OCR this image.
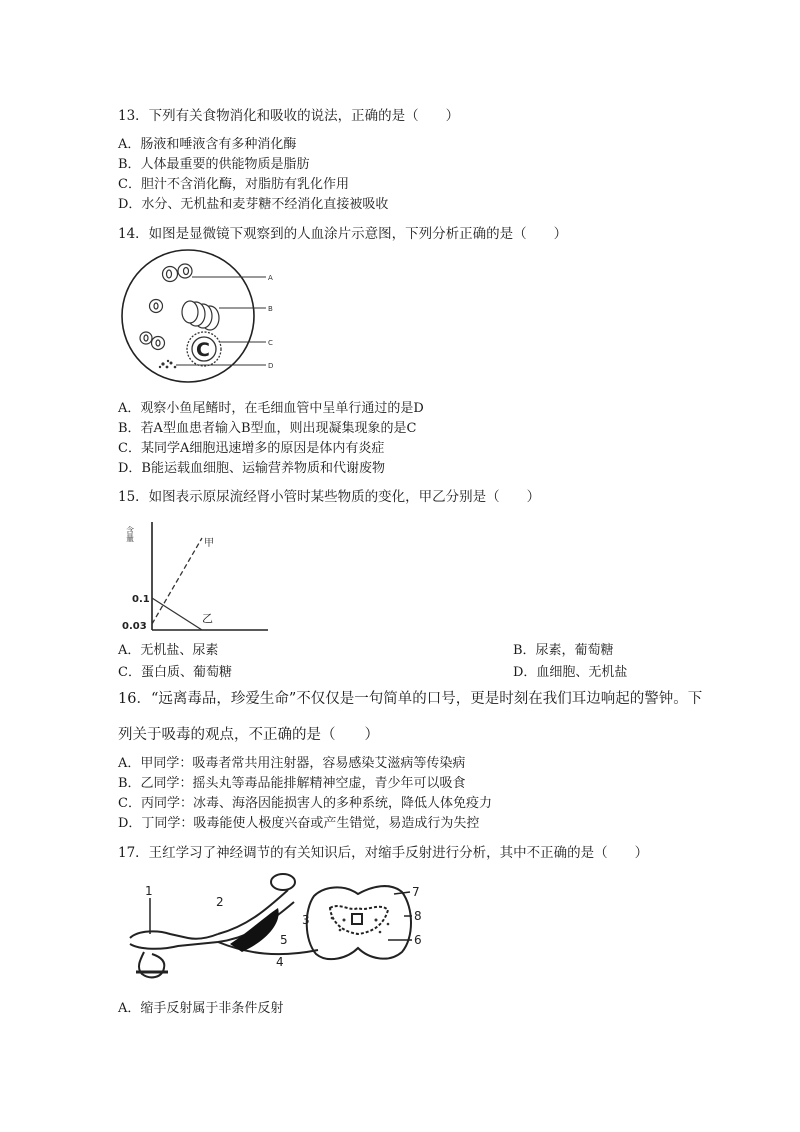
13．下列有关食物消化和吸收的说法，正确的是（　　）
A．肠液和唾液含有多种消化酶
B．人体最重要的供能物质是脂肪
C．胆汁不含消化酶，对脂肪有乳化作用
D．水分、无机盐和麦芽糖不经消化直接被吸收
14．如图是显微镜下观察到的人血涂片示意图，下列分析正确的是（　　）
C
A
B
C
D
A．观察小鱼尾鳍时，在毛细血管中呈单行通过的是D
B．若A型血患者输入B型血，则出现凝集现象的是C
C．某同学A细胞迅速增多的原因是体内有炎症
D．B能运载血细胞、运输营养物质和代谢废物
15．如图表示原尿流经肾小管时某些物质的变化，甲乙分别是（　　）
含量
0.1
0.03
甲
乙
A．无机盐、尿素	B．尿素，葡萄糖
C．蛋白质、葡萄糖	D．血细胞、无机盐
16．“远离毒品，珍爱生命”不仅仅是一句简单的口号，更是时刻在我们耳边响起的警钟。下
列关于吸毒的观点，不正确的是（　　）
A．甲同学：吸毒者常共用注射器，容易感染艾滋病等传染病
B．乙同学：摇头丸等毒品能排解精神空虚，青少年可以吸食
C．丙同学：冰毒、海洛因能损害人的多种系统，降低人体免疫力
D．丁同学：吸毒能使人极度兴奋或产生错觉，易造成行为失控
17．王红学习了神经调节的有关知识后，对缩手反射进行分析，其中不正确的是（　　）
1
2
3
4
5	6
7
8
A．缩手反射属于非条件反射
